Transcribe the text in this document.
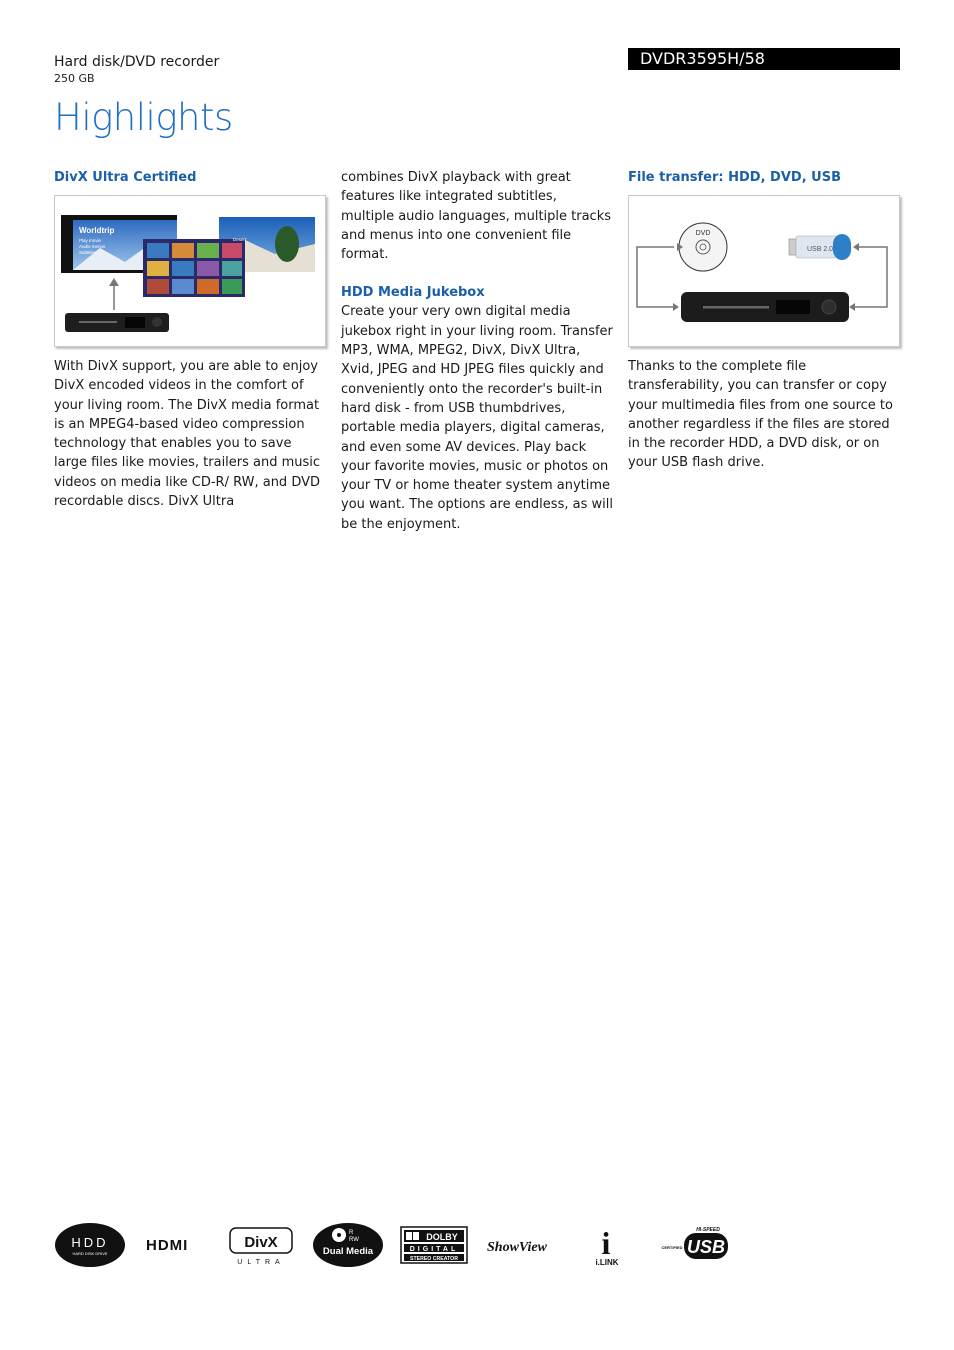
Hard disk/DVD recorder
250 GB
DVDR3595H/58
Highlights
DivX Ultra Certified
Worldtrip
Play movie
Audio menus
Subtitles
Desert

With DivX support, you are able to enjoy DivX encoded videos in the comfort of your living room. The DivX media format is an MPEG4-based video compression technology that enables you to save large files like movies, trailers and music videos on media like CD-R/ RW, and DVD recordable discs. DivX Ultra

combines DivX playback with great features like integrated subtitles, multiple audio languages, multiple tracks and menus into one convenient file format.

HDD Media Jukebox

Create your very own digital media jukebox right in your living room. Transfer MP3, WMA, MPEG2, DivX, DivX Ultra, Xvid, JPEG and HD JPEG files quickly and conveniently onto the recorder's built-in hard disk - from USB thumbdrives, portable media players, digital cameras, and even some AV devices. Play back your favorite movies, music or photos on your TV or home theater system anytime you want. The options are endless, as will be the enjoyment.

File transfer: HDD, DVD, USB
DVD
USB 2.0

Thanks to the complete file transferability, you can transfer or copy your multimedia files from one source to another regardless if the files are stored in the recorder HDD, a DVD disk, or on your USB flash drive.

HDD
HARD DISK DRIVE	HDMI	DivX
ULTRA
R
RW
Dual Media
DOLBY
DIGITAL
STEREO CREATOR
ShowView i
i.LINK
HI-SPEED
USB
CERTIFIED
